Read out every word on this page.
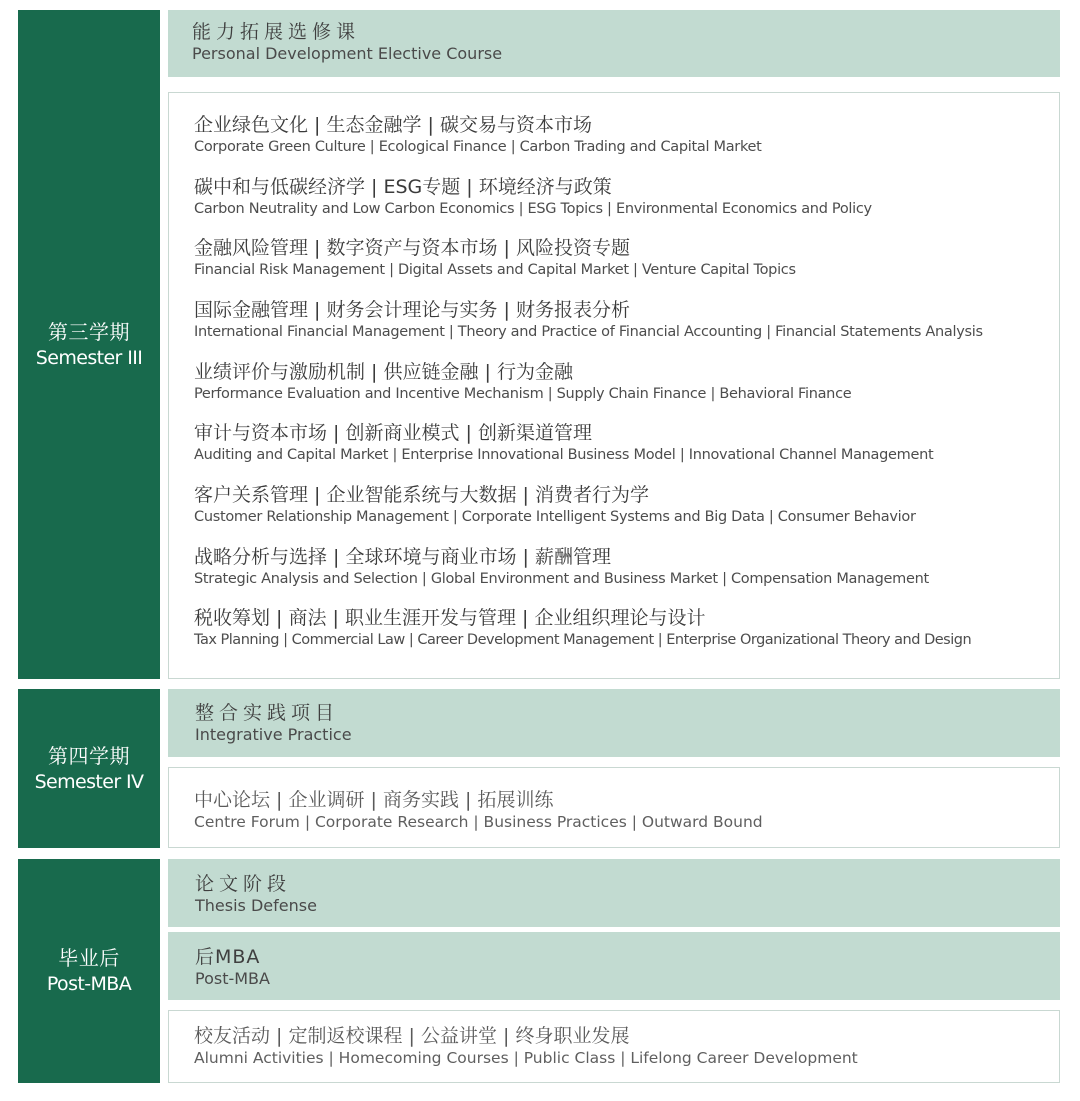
第三学期
Semester III
能力拓展选修课
Personal Development Elective Course
企业绿色文化 | 生态金融学 | 碳交易与资本市场
Corporate Green Culture | Ecological Finance | Carbon Trading and Capital Market
碳中和与低碳经济学 | ESG专题 | 环境经济与政策
Carbon Neutrality and Low Carbon Economics | ESG Topics | Environmental Economics and Policy
金融风险管理 | 数字资产与资本市场 | 风险投资专题
Financial Risk Management | Digital Assets and Capital Market | Venture Capital Topics
国际金融管理 | 财务会计理论与实务 | 财务报表分析
International Financial Management | Theory and Practice of Financial Accounting | Financial Statements Analysis
业绩评价与激励机制 | 供应链金融 | 行为金融
Performance Evaluation and Incentive Mechanism | Supply Chain Finance | Behavioral Finance
审计与资本市场 | 创新商业模式 | 创新渠道管理
Auditing and Capital Market | Enterprise Innovational Business Model | Innovational Channel Management
客户关系管理 | 企业智能系统与大数据 | 消费者行为学
Customer Relationship Management | Corporate Intelligent Systems and Big Data | Consumer Behavior
战略分析与选择 | 全球环境与商业市场 | 薪酬管理
Strategic Analysis and Selection | Global Environment and Business Market | Compensation Management
税收筹划 | 商法 | 职业生涯开发与管理 | 企业组织理论与设计
Tax Planning | Commercial Law | Career Development Management | Enterprise Organizational Theory and Design
第四学期
Semester IV
整合实践项目
Integrative Practice
中心论坛 | 企业调研 | 商务实践 | 拓展训练
Centre Forum | Corporate Research | Business Practices | Outward Bound
毕业后
Post-MBA
论文阶段
Thesis Defense
后MBA
Post-MBA
校友活动 | 定制返校课程 | 公益讲堂 | 终身职业发展
Alumni Activities | Homecoming Courses | Public Class | Lifelong Career Development
